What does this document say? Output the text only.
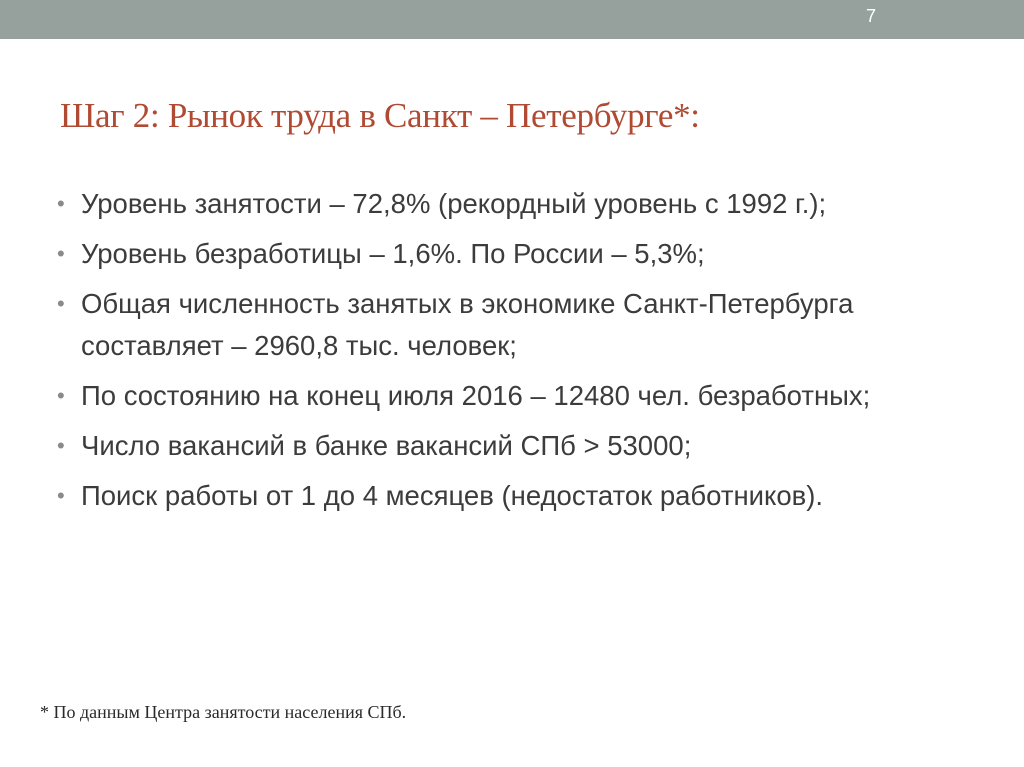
7
Шаг 2: Рынок труда в Санкт – Петербурге*:
• Уровень занятости – 72,8% (рекордный уровень с 1992 г.);
• Уровень безработицы – 1,6%. По России – 5,3%;
• Общая численность занятых в экономике Санкт-Петербурга составляет – 2960,8 тыс. человек;
• По состоянию на конец июля 2016 – 12480 чел. безработных;
• Число вакансий в банке вакансий СПб > 53000;
• Поиск работы от 1 до 4 месяцев (недостаток работников).
* По данным Центра занятости населения СПб.
